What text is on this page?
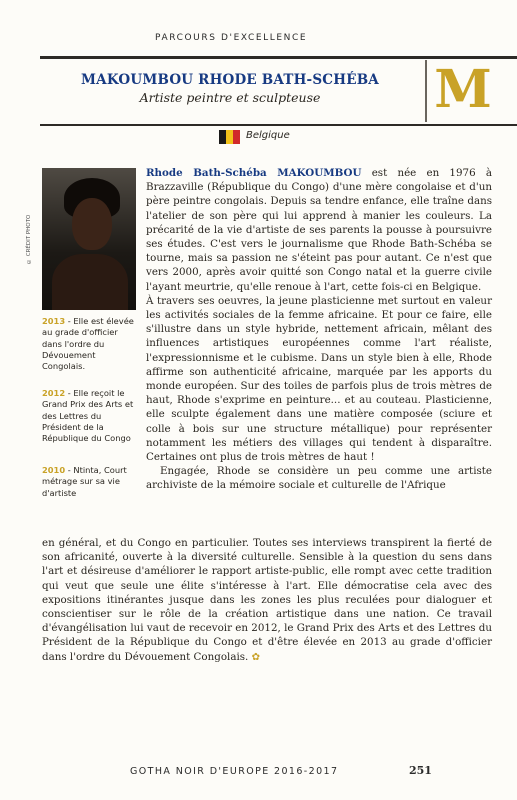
PARCOURS D'EXCELLENCE
MAKOUMBOU RHODE BATH-SCHÉBA
Artiste peintre et sculpteuse	M
Belgique
© CRÉDIT PHOTO
2013 - Elle est élevée au grade d'officier dans l'ordre du Dévouement Congolais.
2012 - Elle reçoit le Grand Prix des Arts et des Lettres du Président de la République du Congo
2010 - Ntinta, Court métrage sur sa vie d'artiste

Rhode Bath-Schéba MAKOUMBOU est née en 1976 à Brazzaville (République du Congo) d'une mère congolaise et d'un père peintre congolais. Depuis sa tendre enfance, elle traîne dans l'atelier de son père qui lui apprend à manier les couleurs. La précarité de la vie d'artiste de ses parents la pousse à poursuivre ses études. C'est vers le journalisme que Rhode Bath-Schéba se tourne, mais sa passion ne s'éteint pas pour autant. Ce n'est que vers 2000, après avoir quitté son Congo natal et la guerre civile l'ayant meurtrie, qu'elle renoue à l'art, cette fois-ci en Belgique.

À travers ses oeuvres, la jeune plasticienne met surtout en valeur les activités sociales de la femme africaine. Et pour ce faire, elle s'illustre dans un style hybride, nettement africain, mêlant des influences artistiques européennes comme l'art réaliste, l'expressionnisme et le cubisme. Dans un style bien à elle, Rhode affirme son authenticité africaine, marquée par les apports du monde européen. Sur des toiles de parfois plus de trois mètres de haut, Rhode s'exprime en peinture... et au couteau. Plasticienne, elle sculpte également dans une matière composée (sciure et colle à bois sur une structure métallique) pour représenter notamment les métiers des villages qui tendent à disparaître. Certaines ont plus de trois mètres de haut !

Engagée, Rhode se considère un peu comme une artiste archiviste de la mémoire sociale et culturelle de l'Afrique

en général, et du Congo en particulier. Toutes ses interviews transpirent la fierté de son africanité, ouverte à la diversité culturelle. Sensible à la question du sens dans l'art et désireuse d'améliorer le rapport artiste-public, elle rompt avec cette tradition qui veut que seule une élite s'intéresse à l'art. Elle démocratise cela avec des expositions itinérantes jusque dans les zones les plus reculées pour dialoguer et conscientiser sur le rôle de la création artistique dans une nation. Ce travail d'évangélisation lui vaut de recevoir en 2012, le Grand Prix des Arts et des Lettres du Président de la République du Congo et d'être élevée en 2013 au grade d'officier dans l'ordre du Dévouement Congolais. ✿

GOTHA NOIR D'EUROPE 2016-2017	251
